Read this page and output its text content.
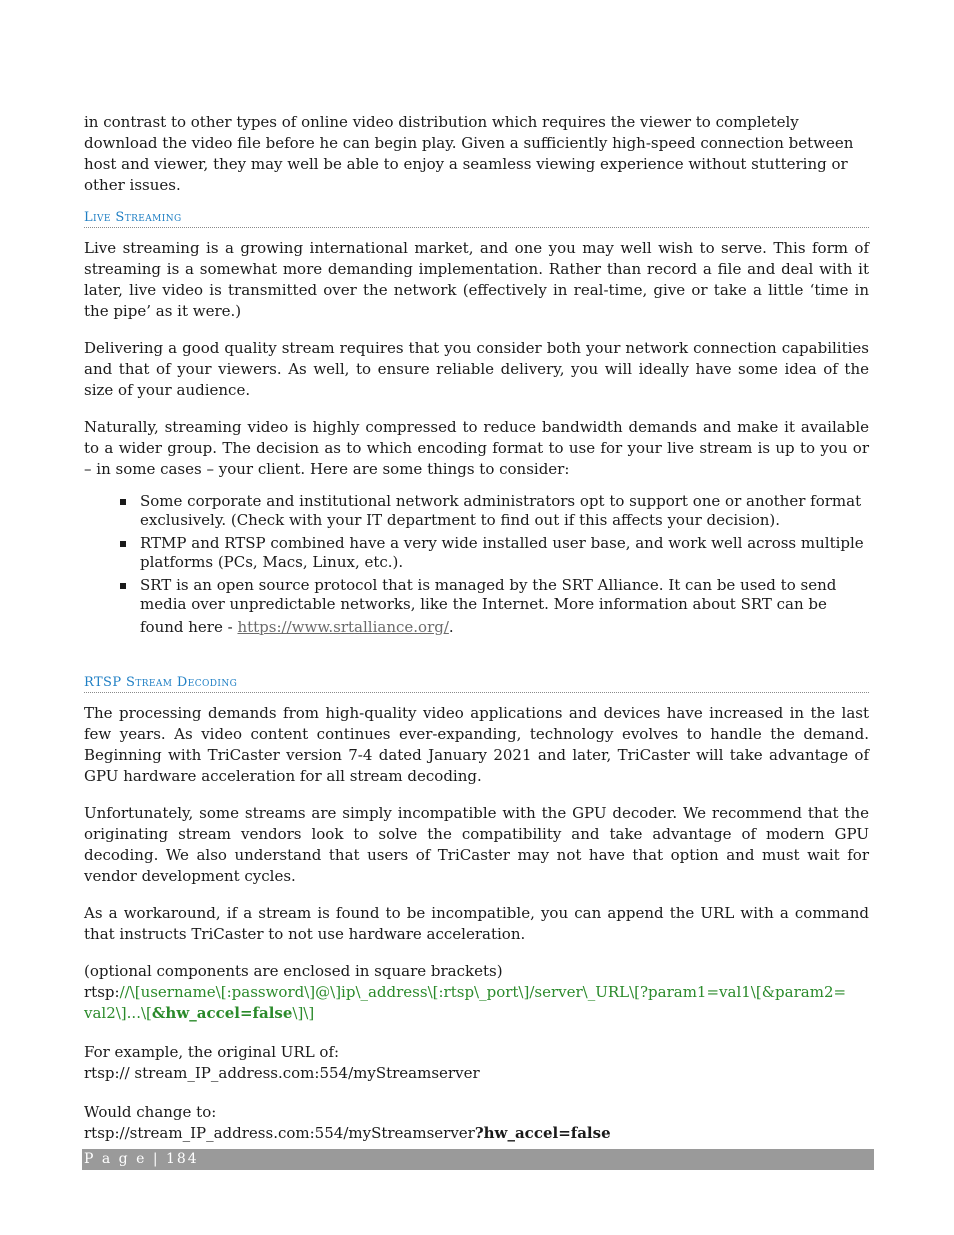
in contrast to other types of online video distribution which requires the viewer to completely download the video file before he can begin play. Given a sufficiently high-speed connection between host and viewer, they may well be able to enjoy a seamless viewing experience without stuttering or other issues.

Live Streaming

Live streaming is a growing international market, and one you may well wish to serve. This form of streaming is a somewhat more demanding implementation. Rather than record a file and deal with it later, live video is transmitted over the network (effectively in real-time, give or take a little ‘time in the pipe’ as it were.)

Delivering a good quality stream requires that you consider both your network connection capabilities and that of your viewers. As well, to ensure reliable delivery, you will ideally have some idea of the size of your audience.

Naturally, streaming video is highly compressed to reduce bandwidth demands and make it available to a wider group. The decision as to which encoding format to use for your live stream is up to you or – in some cases – your client. Here are some things to consider:

Some corporate and institutional network administrators opt to support one or another format exclusively. (Check with your IT department to find out if this affects your decision).
RTMP and RTSP combined have a very wide installed user base, and work well across multiple platforms (PCs, Macs, Linux, etc.).
SRT is an open source protocol that is managed by the SRT Alliance. It can be used to send media over unpredictable networks, like the Internet. More information about SRT can be
found here - https://www.srtalliance.org/.
RTSP Stream Decoding

The processing demands from high-quality video applications and devices have increased in the last few years. As video content continues ever-expanding, technology evolves to handle the demand. Beginning with TriCaster version 7-4 dated January 2021 and later, TriCaster will take advantage of GPU hardware acceleration for all stream decoding.

Unfortunately, some streams are simply incompatible with the GPU decoder. We recommend that the originating stream vendors look to solve the compatibility and take advantage of modern GPU decoding. We also understand that users of TriCaster may not have that option and must wait for vendor development cycles.

As a workaround, if a stream is found to be incompatible, you can append the URL with a command that instructs TriCaster to not use hardware acceleration.

(optional components are enclosed in square brackets)
rtsp://\[username\[:password\]@\]ip\_address\[:rtsp\_port\]/server\_URL\[?param1=val1\[&param2= val2\]...\[&hw_accel=false\]\]
For example, the original URL of:
rtsp:// stream_IP_address.com:554/myStreamserver
Would change to:
rtsp://stream_IP_address.com:554/myStreamserver?hw_accel=false
P a g e | 184
